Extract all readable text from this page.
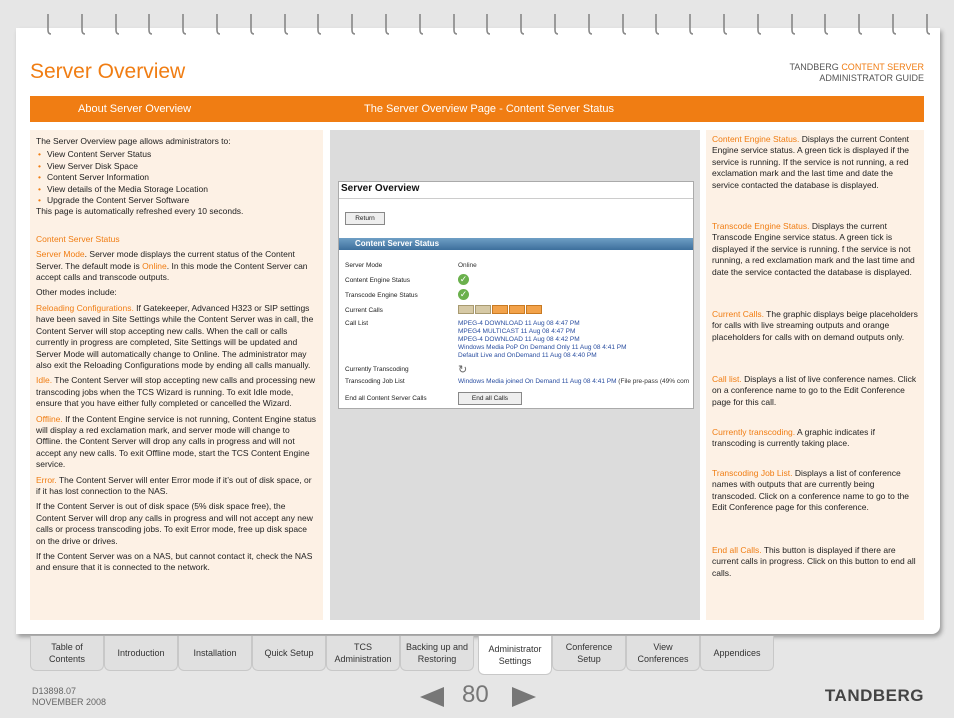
Server Overview	TANDBERG CONTENT SERVER
ADMINISTRATOR GUIDE
About Server Overview	The Server Overview Page - Content Server Status

The Server Overview page allows administrators to:

• View Content Server Status
• View Server Disk Space
• Content Server Information
• View details of the Media Storage Location
• Upgrade the Content Server Software

This page is automatically refreshed every 10 seconds.

Content Server Status

Server Mode. Server mode displays the current status of the Content Server. The default mode is Online. In this mode the Content Server can accept calls and transcode outputs.

Other modes include:

Reloading Configurations. If Gatekeeper, Advanced H323 or SIP settings have been saved in Site Settings while the Content Server was in call, the Content Server will stop accepting new calls. When the call or calls currently in progress are completed, Site Settings will be updated and Server Mode will automatically change to Online. The administrator may also exit the Reloading Configurations mode by ending all calls manually.

Idle. The Content Server will stop accepting new calls and processing new transcoding jobs when the TCS Wizard is running. To exit Idle mode, ensure that you have either fully completed or cancelled the Wizard.

Offline. If the Content Engine service is not running, Content Engine status will display a red exclamation mark, and server mode will change to Offline. the Content Server will drop any calls in progress and will not accept any new calls. To exit Offline mode, start the TCS Content Engine service.

Error. The Content Server will enter Error mode if it’s out of disk space, or if it has lost connection to the NAS.

If the Content Server is out of disk space (5% disk space free), the Content Server will drop any calls in progress and will not accept any new calls or process transcoding jobs. To exit Error mode, free up disk space on the drive or drives.

If the Content Server was on a NAS, but cannot contact it, check the NAS and ensure that it is connected to the network.

Server Overview
Return
Content Server Status
Server Mode	Online
Content Engine Status	✓
Transcode Engine Status	✓
Current Calls
Call List	MPEG-4 DOWNLOAD 11 Aug 08 4:47 PM
MPEG4 MULTICAST 11 Aug 08 4:47 PM
MPEG-4 DOWNLOAD 11 Aug 08 4:42 PM
Windows Media PoP On Demand Only 11 Aug 08 4:41 PM
Default Live and OnDemand 11 Aug 08 4:40 PM
Currently Transcoding	↻
Transcoding Job List	Windows Media joined On Demand 11 Aug 08 4:41 PM (File pre-pass (49% com
End all Content Server Calls	End all Calls

Content Engine Status. Displays the current Content Engine service status. A green tick is displayed if the service is running. If the service is not running, a red exclamation mark and the last time and date the service contacted the database is displayed.

Transcode Engine Status. Displays the current Transcode Engine service status. A green tick is displayed if the service is running. f the service is not running, a red exclamation mark and the last time and date the service contacted the database is displayed.

Current Calls. The graphic displays beige placeholders for calls with live streaming outputs and orange placeholders for calls with on demand outputs only.

Call list. Displays a list of live conference names. Click on a conference name to go to the Edit Conference page for this call.

Currently transcoding. A graphic indicates if transcoding is currently taking place.

Transcoding Job List. Displays a list of conference names with outputs that are currently being transcoded. Click on a conference name to go to the Edit Conference page for this conference.

End all Calls. This button is displayed if there are current calls in progress. Click on this button to end all calls.

Table of
Contents
Introduction	Installation	Quick Setup
TCS
Administration
Backing up and
Restoring
Administrator
Settings
Conference
Setup
View
Conferences
Appendices
D13898.07
NOVEMBER 2008	80	TANDBERG
